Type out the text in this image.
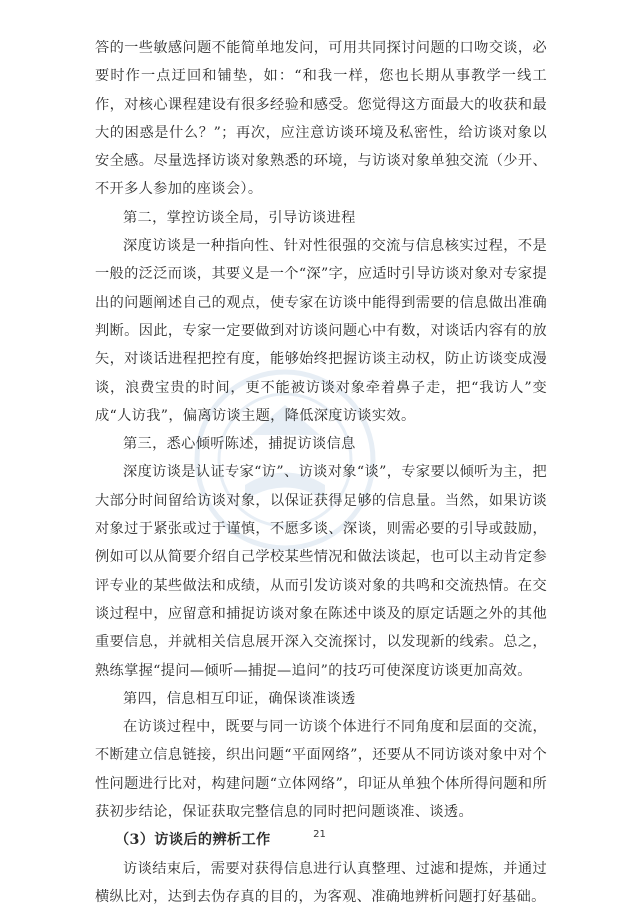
答的一些敏感问题不能简单地发问，可用共同探讨问题的口吻交谈，必要时作一点迂回和铺垫，如：“和我一样，您也长期从事教学一线工作，对核心课程建设有很多经验和感受。您觉得这方面最大的收获和最大的困惑是什么？”；再次，应注意访谈环境及私密性，给访谈对象以安全感。尽量选择访谈对象熟悉的环境，与访谈对象单独交流（少开、不开多人参加的座谈会）。

第二，掌控访谈全局，引导访谈进程

深度访谈是一种指向性、针对性很强的交流与信息核实过程，不是一般的泛泛而谈，其要义是一个“深”字，应适时引导访谈对象对专家提出的问题阐述自己的观点，使专家在访谈中能得到需要的信息做出准确判断。因此，专家一定要做到对访谈问题心中有数，对谈话内容有的放矢，对谈话进程把控有度，能够始终把握访谈主动权，防止访谈变成漫谈，浪费宝贵的时间，更不能被访谈对象牵着鼻子走，把“我访人”变成“人访我”，偏离访谈主题，降低深度访谈实效。

第三，悉心倾听陈述，捕捉访谈信息

深度访谈是认证专家“访”、访谈对象“谈”，专家要以倾听为主，把大部分时间留给访谈对象，以保证获得足够的信息量。当然，如果访谈对象过于紧张或过于谨慎，不愿多谈、深谈，则需必要的引导或鼓励，例如可以从简要介绍自己学校某些情况和做法谈起，也可以主动肯定参评专业的某些做法和成绩，从而引发访谈对象的共鸣和交流热情。在交谈过程中，应留意和捕捉访谈对象在陈述中谈及的原定话题之外的其他重要信息，并就相关信息展开深入交流探讨，以发现新的线索。总之，熟练掌握“提问—倾听—捕捉—追问”的技巧可使深度访谈更加高效。

第四，信息相互印证，确保谈准谈透

在访谈过程中，既要与同一访谈个体进行不同角度和层面的交流，不断建立信息链接，织出问题“平面网络”，还要从不同访谈对象中对个性问题进行比对，构建问题“立体网络”，印证从单独个体所得问题和所获初步结论，保证获取完整信息的同时把问题谈准、谈透。

（3）访谈后的辨析工作

访谈结束后，需要对获得信息进行认真整理、过滤和提炼，并通过横纵比对，达到去伪存真的目的，为客观、准确地辨析问题打好基础。

21
